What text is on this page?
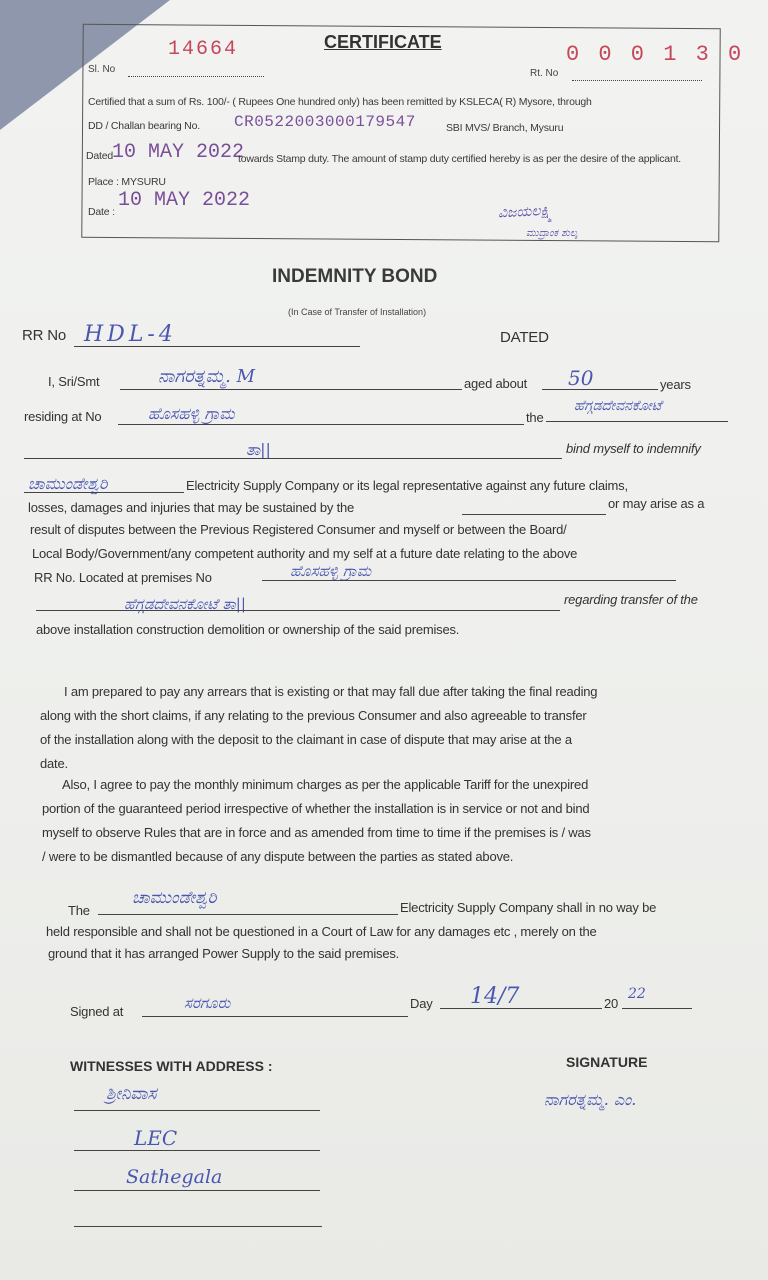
14664	CERTIFICATE	0 0 0 1 3 0
Sl. No	Rt. No
Certified that a sum of Rs. 100/- ( Rupees One hundred only) has been remitted by KSLECA( R) Mysore, through
DD / Challan bearing No. CR0522003000179547	SBI MVS/ Branch, Mysuru
Dated
10 MAY 2022
towards Stamp duty. The amount of stamp duty certified hereby is as per the desire of the applicant.
Place : MYSURU
Date : 10 MAY 2022	ವಿಜಯಲಕ್ಷ್ಮಿ
ಮುದ್ರಾಂಕ ಶುಲ್ಕ
INDEMNITY BOND
(In Case of Transfer of Installation)
RR No HDL-4	DATED
I, Sri/Smt	ನಾಗರತ್ನಮ್ಮ. M	aged about 50	years
residing at No	ಹೊಸಹಳ್ಳಿ ಗ್ರಾಮ	the
ಹೆಗ್ಗಡದೇವನಕೋಟೆ
ತಾ||	bind myself to indemnify
ಚಾಮುಂಡೇಶ್ವರಿ	Electricity Supply Company or its legal representative against any future claims,
losses, damages and injuries that may be sustained by the	or may arise as a
result of disputes between the Previous Registered Consumer and myself or between the Board/
Local Body/Government/any competent authority and my self at a future date relating to the above
RR No. Located at premises No	ಹೊಸಹಳ್ಳಿ ಗ್ರಾಮ
ಹೆಗ್ಗಡದೇವನಕೋಟೆ ತಾ||	regarding transfer of the
above installation construction demolition or ownership of the said premises.
I am prepared to pay any arrears that is existing or that may fall due after taking the final reading
along with the short claims, if any relating to the previous Consumer and also agreeable to transfer
of the installation along with the deposit to the claimant in case of dispute that may arise at the a
date.
Also, I agree to pay the monthly minimum charges as per the applicable Tariff for the unexpired
portion of the guaranteed period irrespective of whether the installation is in service or not and bind
myself to observe Rules that are in force and as amended from time to time if the premises is / was
/ were to be dismantled because of any dispute between the parties as stated above.
The
ಚಾಮುಂಡೇಶ್ವರಿ	Electricity Supply Company shall in no way be
held responsible and shall not be questioned in a Court of Law for any damages etc , merely on the
ground that it has arranged Power Supply to the said premises.
Signed at	ಸರಗೂರು	Day 14/7	20
22
WITNESSES WITH ADDRESS :	SIGNATURE
ಶ್ರೀನಿವಾಸ
LEC
Sathegala
ನಾಗರತ್ನಮ್ಮ. ಎಂ.
